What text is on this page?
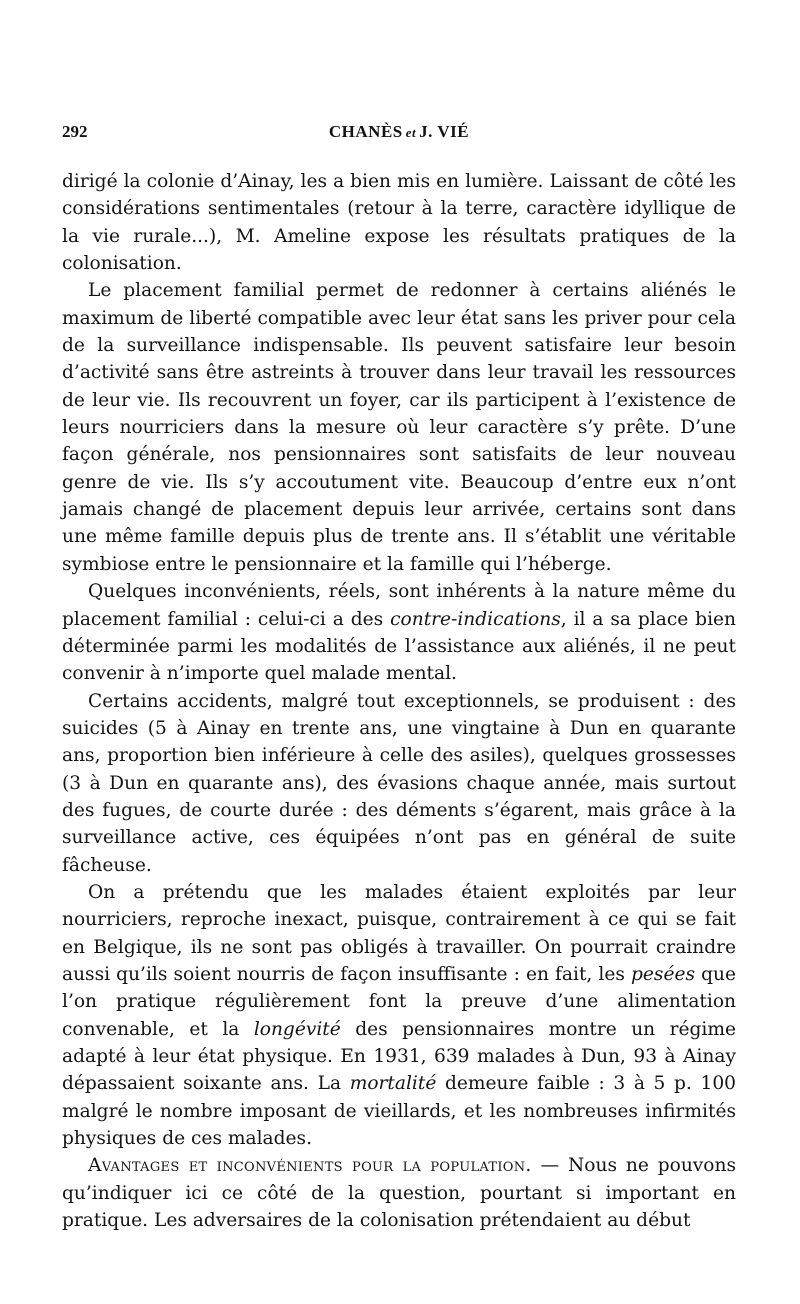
292	CHANÈS et J. VIÉ

dirigé la colonie d’Ainay, les a bien mis en lumière. Laissant de côté les considérations sentimentales (retour à la terre, caractère idyllique de la vie rurale...), M. Ameline expose les résultats pratiques de la colonisation.

Le placement familial permet de redonner à certains aliénés le maximum de liberté compatible avec leur état sans les priver pour cela de la surveillance indispensable. Ils peuvent satisfaire leur besoin d’activité sans être astreints à trouver dans leur travail les ressources de leur vie. Ils recouvrent un foyer, car ils participent à l’existence de leurs nourriciers dans la mesure où leur caractère s’y prête. D’une façon générale, nos pensionnaires sont satisfaits de leur nouveau genre de vie. Ils s’y accoutument vite. Beaucoup d’entre eux n’ont jamais changé de placement depuis leur arrivée, certains sont dans une même famille depuis plus de trente ans. Il s’établit une véritable symbiose entre le pensionnaire et la famille qui l’héberge.

Quelques inconvénients, réels, sont inhérents à la nature même du placement familial : celui-ci a des contre-indications, il a sa place bien déterminée parmi les modalités de l’assistance aux aliénés, il ne peut convenir à n’importe quel malade mental.

Certains accidents, malgré tout exceptionnels, se produisent : des suicides (5 à Ainay en trente ans, une vingtaine à Dun en quarante ans, proportion bien inférieure à celle des asiles), quelques grossesses (3 à Dun en quarante ans), des évasions chaque année, mais surtout des fugues, de courte durée : des déments s’égarent, mais grâce à la surveillance active, ces équipées n’ont pas en général de suite fâcheuse.

On a prétendu que les malades étaient exploités par leur nourriciers, reproche inexact, puisque, contrairement à ce qui se fait en Belgique, ils ne sont pas obligés à travailler. On pourrait craindre aussi qu’ils soient nourris de façon insuffisante : en fait, les pesées que l’on pratique régulièrement font la preuve d’une alimentation convenable, et la longévité des pensionnaires montre un régime adapté à leur état physique. En 1931, 639 malades à Dun, 93 à Ainay dépassaient soixante ans. La mortalité demeure faible : 3 à 5 p. 100 malgré le nombre imposant de vieillards, et les nombreuses infirmités physiques de ces malades.

Avantages et inconvénients pour la population. — Nous ne pouvons qu’indiquer ici ce côté de la question, pourtant si important en pratique. Les adversaires de la colonisation prétendaient au début
